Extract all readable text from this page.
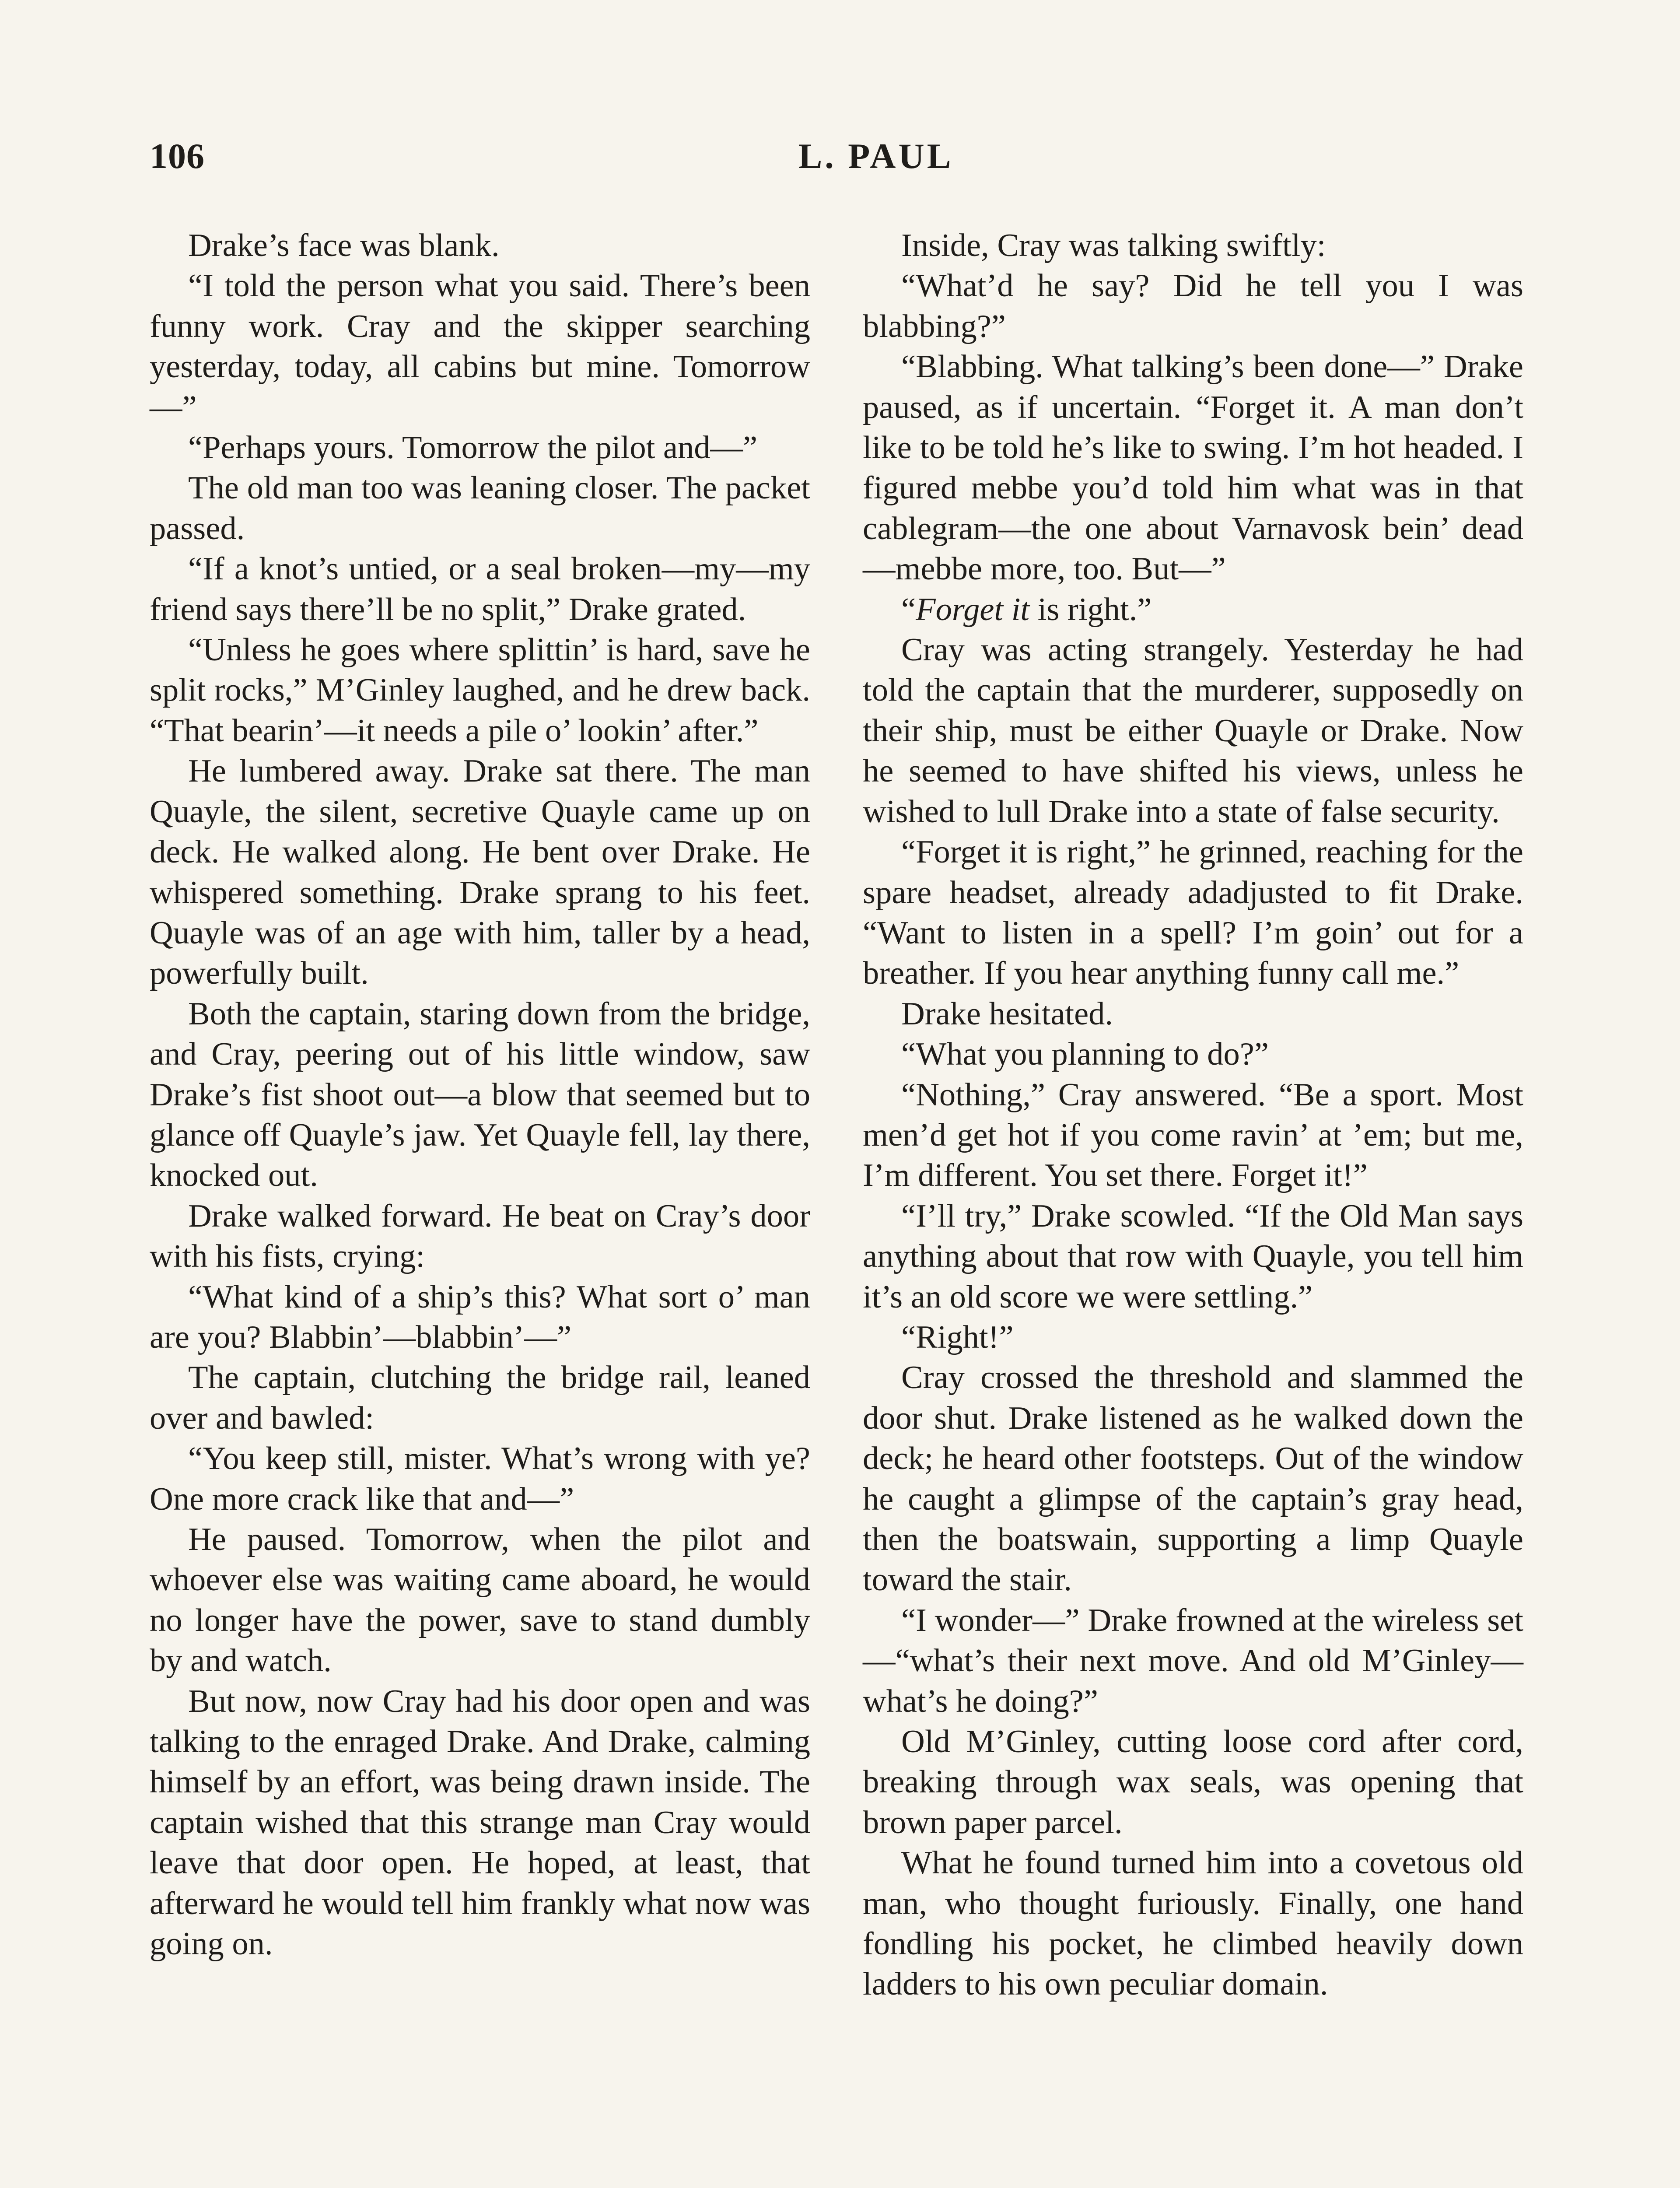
106	L. PAUL

Drake’s face was blank.

“I told the person what you said. There’s been funny work. Cray and the skipper searching yesterday, today, all cabins but mine. Tomorrow—”

“Perhaps yours. Tomorrow the pilot and—”

The old man too was leaning closer. The packet passed.

“If a knot’s untied, or a seal broken—my—my friend says there’ll be no split,” Drake grated.

“Unless he goes where splittin’ is hard, save he split rocks,” M’Ginley laughed, and he drew back. “That bearin’—it needs a pile o’ lookin’ after.”

He lumbered away. Drake sat there. The man Quayle, the silent, secretive Quayle came up on deck. He walked along. He bent over Drake. He whispered something. Drake sprang to his feet. Quayle was of an age with him, taller by a head, powerfully built.

Both the captain, staring down from the bridge, and Cray, peering out of his little window, saw Drake’s fist shoot out—a blow that seemed but to glance off Quayle’s jaw. Yet Quayle fell, lay there, knocked out.

Drake walked forward. He beat on Cray’s door with his fists, crying:

“What kind of a ship’s this? What sort o’ man are you? Blabbin’—blabbin’—”

The captain, clutching the bridge rail, leaned over and bawled:

“You keep still, mister. What’s wrong with ye? One more crack like that and—”

He paused. Tomorrow, when the pilot and whoever else was waiting came aboard, he would no longer have the power, save to stand dumbly by and watch.

But now, now Cray had his door open and was talking to the enraged Drake. And Drake, calming himself by an effort, was being drawn inside. The captain wished that this strange man Cray would leave that door open. He hoped, at least, that afterward he would tell him frankly what now was going on.

Inside, Cray was talking swiftly:

“What’d he say? Did he tell you I was blabbing?”

“Blabbing. What talking’s been done—” Drake paused, as if uncertain. “Forget it. A man don’t like to be told he’s like to swing. I’m hot headed. I figured mebbe you’d told him what was in that cablegram—the one about Varnavosk bein’ dead—mebbe more, too. But—”

“Forget it is right.”

Cray was acting strangely. Yesterday he had told the captain that the murderer, supposedly on their ship, must be either Quayle or Drake. Now he seemed to have shifted his views, unless he wished to lull Drake into a state of false security.

“Forget it is right,” he grinned, reaching for the spare headset, already adadjusted to fit Drake. “Want to listen in a spell? I’m goin’ out for a breather. If you hear anything funny call me.”

Drake hesitated.

“What you planning to do?”

“Nothing,” Cray answered. “Be a sport. Most men’d get hot if you come ravin’ at ’em; but me, I’m different. You set there. Forget it!”

“I’ll try,” Drake scowled. “If the Old Man says anything about that row with Quayle, you tell him it’s an old score we were settling.”

“Right!”

Cray crossed the threshold and slammed the door shut. Drake listened as he walked down the deck; he heard other footsteps. Out of the window he caught a glimpse of the captain’s gray head, then the boatswain, supporting a limp Quayle toward the stair.

“I wonder—” Drake frowned at the wireless set—“what’s their next move. And old M’Ginley—what’s he doing?”

Old M’Ginley, cutting loose cord after cord, breaking through wax seals, was opening that brown paper parcel.

What he found turned him into a covetous old man, who thought furiously. Finally, one hand fondling his pocket, he climbed heavily down ladders to his own peculiar domain.
